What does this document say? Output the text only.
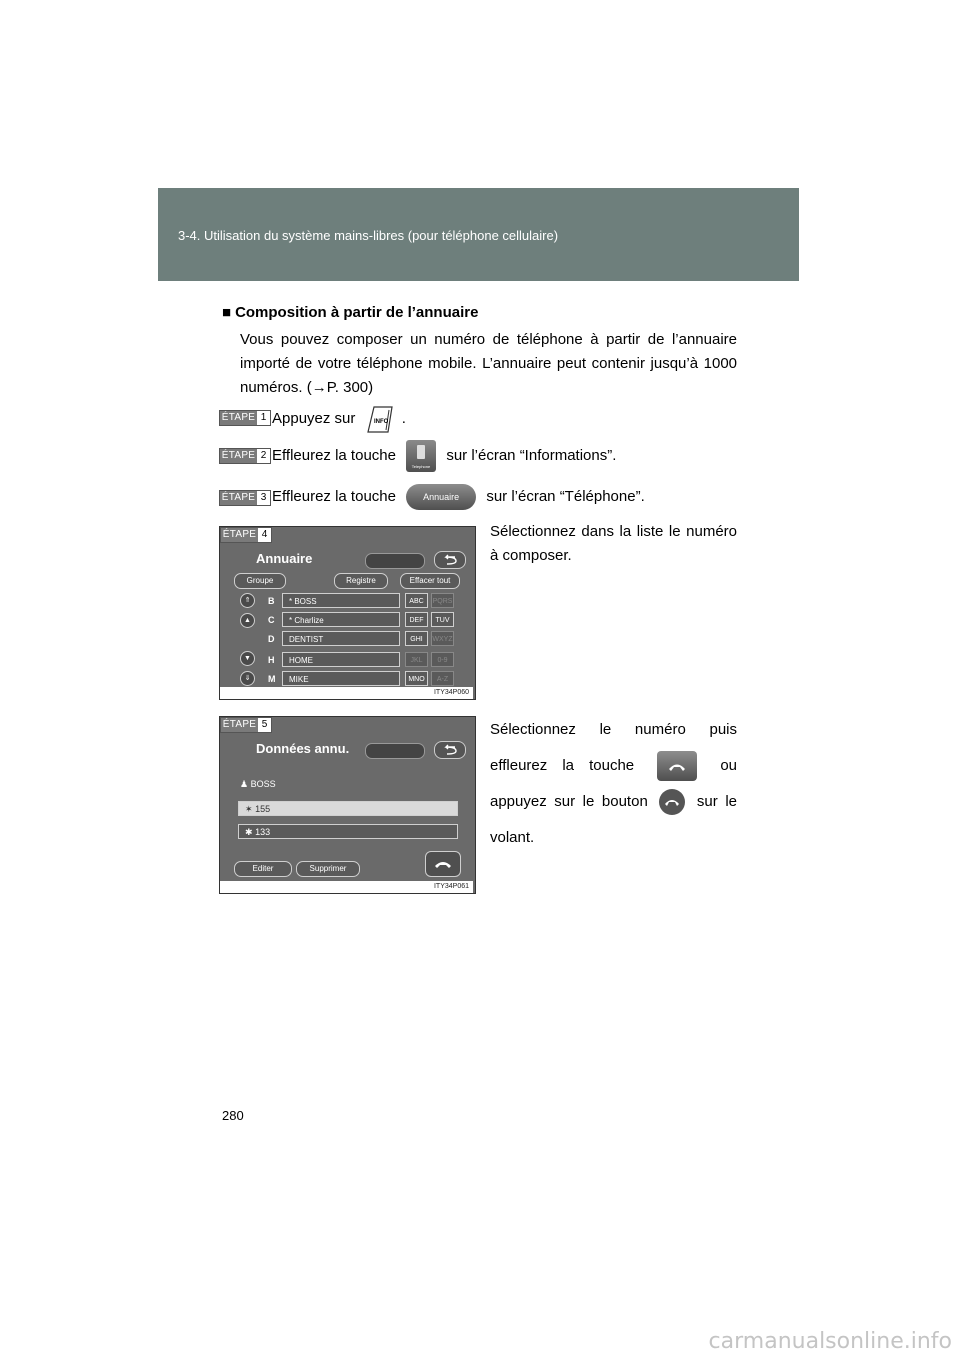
3-4. Utilisation du système mains-libres (pour téléphone cellulaire)
■ Composition à partir de l’annuaire
Vous pouvez composer un numéro de téléphone à partir de l’annuaire importé de votre téléphone mobile. L’annuaire peut contenir jusqu’à 1000 numéros. (→P. 300)
ÉTAPE 1 Appuyez sur	INFO .
ÉTAPE 2 Effleurez la touche
Telephone
sur l’écran “Informations”.
ÉTAPE 3 Effleurez la touche	Annuaire sur l’écran “Téléphone”.
ÉTAPE 4
Annuaire
Groupe	Registre	Effacer tout
⇑
▲
▼
⇓
B	* BOSS
C	* Charlize
D	DENTIST
H	HOME
M	MIKE
ABC
DEF
GHI
JKL
MNO
PQRS
TUV
WXYZ
0-9
A-Z
ITY34P060
Sélectionnez dans la liste le numéro à composer.
ÉTAPE 5
Données annu.
♟ BOSS
✶ 155
✱ 133
Editer	Supprimer
ITY34P061
Sélectionnez le numéro puis effleurez la touche	ou appuyez sur le bouton	sur le volant.
280
carmanualsonline.info
